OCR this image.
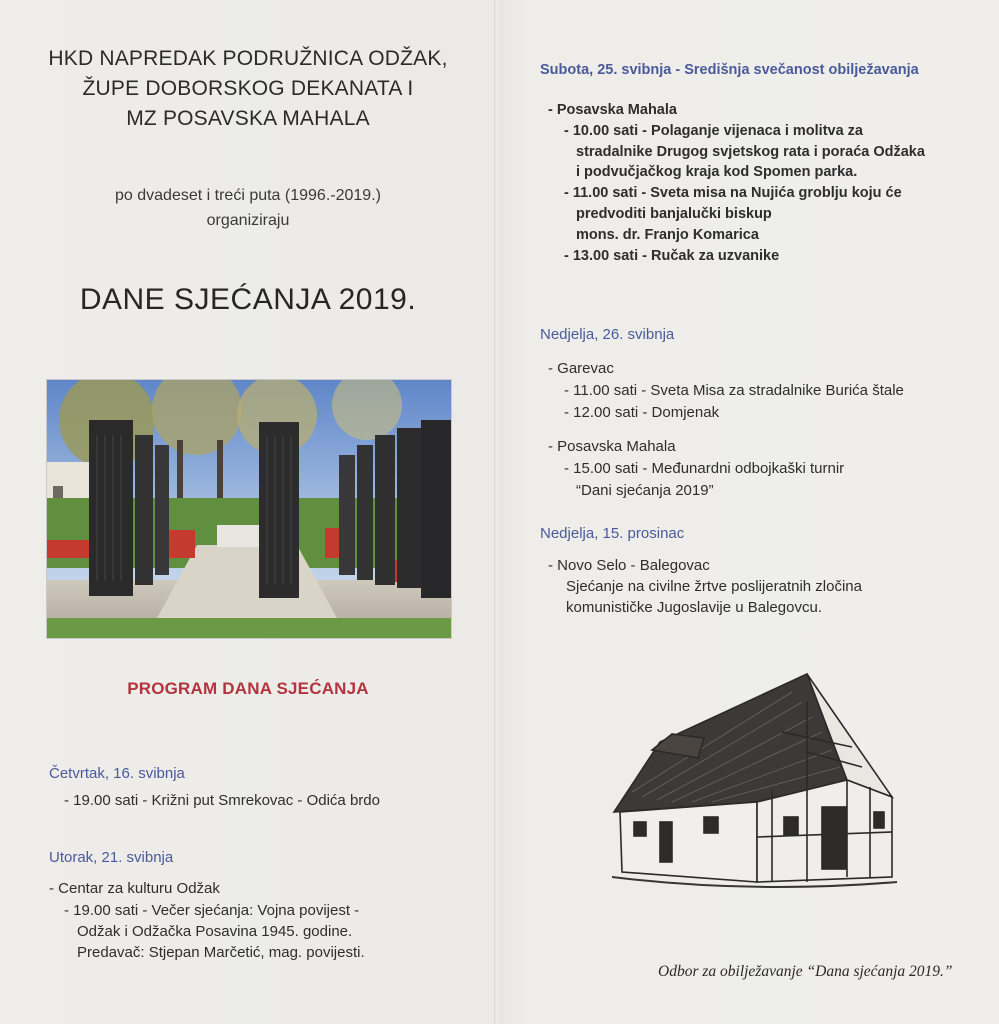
HKD NAPREDAK PODRUŽNICA ODŽAK,
ŽUPE DOBORSKOG DEKANATA I
MZ POSAVSKA MAHALA
po dvadeset i treći puta (1996.-2019.)
organiziraju
DANE SJEĆANJA 2019.
PROGRAM DANA SJEĆANJA
Četvrtak, 16. svibnja
- 19.00 sati - Križni put Smrekovac - Odića brdo
Utorak, 21. svibnja
- Centar za kulturu Odžak
- 19.00 sati - Večer sjećanja: Vojna povijest -
Odžak i Odžačka Posavina 1945. godine.
Predavač: Stjepan Marčetić, mag. povijesti.
Subota, 25. svibnja - Središnja svečanost obilježavanja
- Posavska Mahala
- 10.00 sati - Polaganje vijenaca i molitva za
stradalnike Drugog svjetskog rata i poraća Odžaka
i podvučjačkog kraja kod Spomen parka.
- 11.00 sati - Sveta misa na Nujića groblju koju će
predvoditi banjalučki biskup
mons. dr. Franjo Komarica
- 13.00 sati - Ručak za uzvanike
Nedjelja, 26. svibnja
- Garevac
- 11.00 sati - Sveta Misa za stradalnike Burića štale
- 12.00 sati - Domjenak
- Posavska Mahala
- 15.00 sati - Međunardni odbojkaški turnir
“Dani sjećanja 2019”
Nedjelja, 15. prosinac
- Novo Selo - Balegovac
Sjećanje na civilne žrtve poslijeratnih zločina
komunističke Jugoslavije u Balegovcu.
Odbor za obilježavanje “Dana sjećanja 2019.”
